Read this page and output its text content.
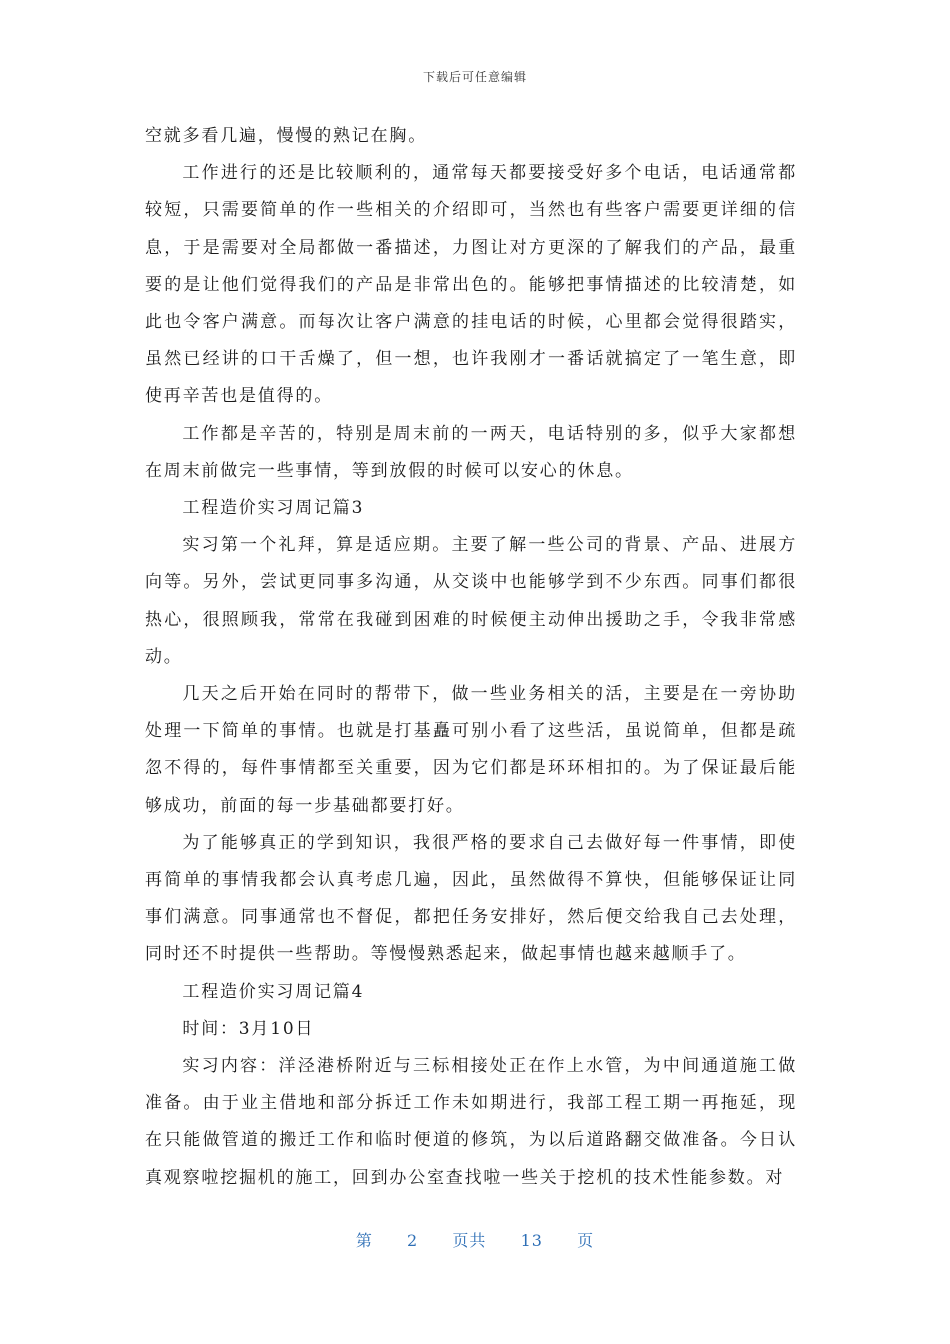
下载后可任意编辑

空就多看几遍，慢慢的熟记在胸。

工作进行的还是比较顺利的，通常每天都要接受好多个电话，电话通常都较短，只需要简单的作一些相关的介绍即可，当然也有些客户需要更详细的信息，于是需要对全局都做一番描述，力图让对方更深的了解我们的产品，最重要的是让他们觉得我们的产品是非常出色的。能够把事情描述的比较清楚，如此也令客户满意。而每次让客户满意的挂电话的时候，心里都会觉得很踏实，虽然已经讲的口干舌燥了，但一想，也许我刚才一番话就搞定了一笔生意，即使再辛苦也是值得的。

工作都是辛苦的，特别是周末前的一两天，电话特别的多，似乎大家都想在周末前做完一些事情，等到放假的时候可以安心的休息。

工程造价实习周记篇3

实习第一个礼拜，算是适应期。主要了解一些公司的背景、产品、进展方向等。另外，尝试更同事多沟通，从交谈中也能够学到不少东西。同事们都很热心，很照顾我，常常在我碰到困难的时候便主动伸出援助之手，令我非常感动。

几天之后开始在同时的帮带下，做一些业务相关的活，主要是在一旁协助处理一下简单的事情。也就是打基矗可别小看了这些活，虽说简单，但都是疏忽不得的，每件事情都至关重要，因为它们都是环环相扣的。为了保证最后能够成功，前面的每一步基础都要打好。

为了能够真正的学到知识，我很严格的要求自己去做好每一件事情，即使再简单的事情我都会认真考虑几遍，因此，虽然做得不算快，但能够保证让同事们满意。同事通常也不督促，都把任务安排好，然后便交给我自己去处理，同时还不时提供一些帮助。等慢慢熟悉起来，做起事情也越来越顺手了。

工程造价实习周记篇4

时间：3月10日

实习内容：洋泾港桥附近与三标相接处正在作上水管，为中间通道施工做准备。由于业主借地和部分拆迁工作未如期进行，我部工程工期一再拖延，现在只能做管道的搬迁工作和临时便道的修筑，为以后道路翻交做准备。今日认真观察啦挖掘机的施工，回到办公室查找啦一些关于挖机的技术性能参数。对

第 2 页共 13 页
